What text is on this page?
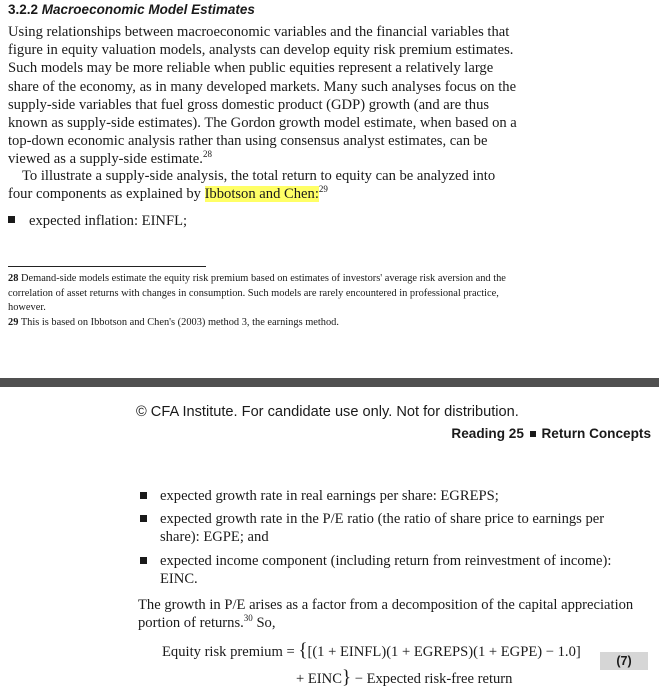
3.2.2 Macroeconomic Model Estimates
Using relationships between macroeconomic variables and the financial variables that figure in equity valuation models, analysts can develop equity risk premium estimates. Such models may be more reliable when public equities represent a relatively large share of the economy, as in many developed markets. Many such analyses focus on the supply-side variables that fuel gross domestic product (GDP) growth (and are thus known as supply-side estimates). The Gordon growth model estimate, when based on a top-down economic analysis rather than using consensus analyst estimates, can be viewed as a supply-side estimate.$^{28}$
To illustrate a supply-side analysis, the total return to equity can be analyzed into four components as explained by Ibbotson and Chen:$^{29}$
expected inflation: EINFL;
28 Demand-side models estimate the equity risk premium based on estimates of investors' average risk aversion and the correlation of asset returns with changes in consumption. Such models are rarely encountered in professional practice, however.
29 This is based on Ibbotson and Chen's (2003) method 3, the earnings method.
© CFA Institute. For candidate use only. Not for distribution.
Reading 25 Return Concepts
expected growth rate in real earnings per share: EGREPS;
expected growth rate in the P/E ratio (the ratio of share price to earnings per share): EGPE; and
expected income component (including return from reinvestment of income): EINC.
The growth in P/E arises as a factor from a decomposition of the capital appreciation portion of returns.$^{30}$ So,
Equity risk premium = {[(1 + EINFL)(1 + EGREPS)(1 + EGPE) − 1.0]
+ EINC} − Expected risk-free return
(7)
